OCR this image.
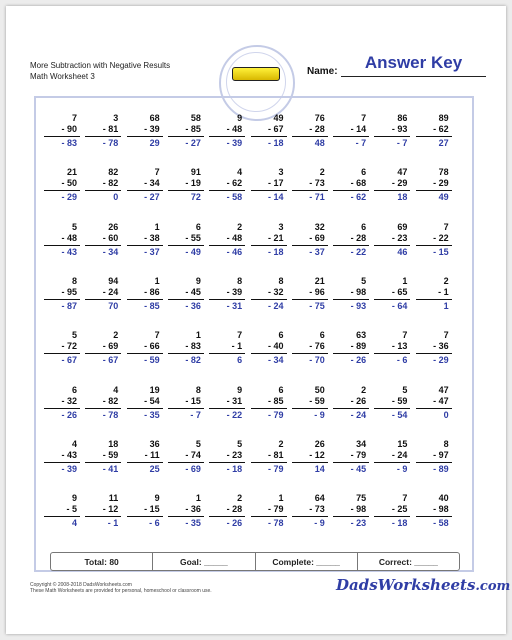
More Subtraction with Negative Results
Math Worksheet 3	Name:	Answer Key
7
- 90
- 83
3
- 81
- 78
68
- 39
29
58
- 85
- 27
9
- 48
- 39
49
- 67
- 18
76
- 28
48
7
- 14
- 7
86
- 93
- 7
89
- 62
27
21
- 50
- 29
82
- 82
0
7
- 34
- 27
91
- 19
72
4
- 62
- 58
3
- 17
- 14
2
- 73
- 71
6
- 68
- 62
47
- 29
18
78
- 29
49
5
- 48
- 43
26
- 60
- 34
1
- 38
- 37
6
- 55
- 49
2
- 48
- 46
3
- 21
- 18
32
- 69
- 37
6
- 28
- 22
69
- 23
46
7
- 22
- 15
8
- 95
- 87
94
- 24
70
1
- 86
- 85
9
- 45
- 36
8
- 39
- 31
8
- 32
- 24
21
- 96
- 75
5
- 98
- 93
1
- 65
- 64
2
- 1
1
5
- 72
- 67
2
- 69
- 67
7
- 66
- 59
1
- 83
- 82
7
- 1
6
6
- 40
- 34
6
- 76
- 70
63
- 89
- 26
7
- 13
- 6
7
- 36
- 29
6
- 32
- 26
4
- 82
- 78
19
- 54
- 35
8
- 15
- 7
9
- 31
- 22
6
- 85
- 79
50
- 59
- 9
2
- 26
- 24
5
- 59
- 54
47
- 47
0
4
- 43
- 39
18
- 59
- 41
36
- 11
25
5
- 74
- 69
5
- 23
- 18
2
- 81
- 79
26
- 12
14
34
- 79
- 45
15
- 24
- 9
8
- 97
- 89
9
- 5
4
11
- 12
- 1
9
- 15
- 6
1
- 36
- 35
2
- 28
- 26
1
- 79
- 78
64
- 73
- 9
75
- 98
- 23
7
- 25
- 18
40
- 98
- 58
Total: 80	Goal: _____	Complete: _____	Correct: _____
Copyright © 2008-2018 DadsWorksheets.com
These Math Worksheets are provided for personal, homeschool or classroom use.	DadsWorksheets.com
